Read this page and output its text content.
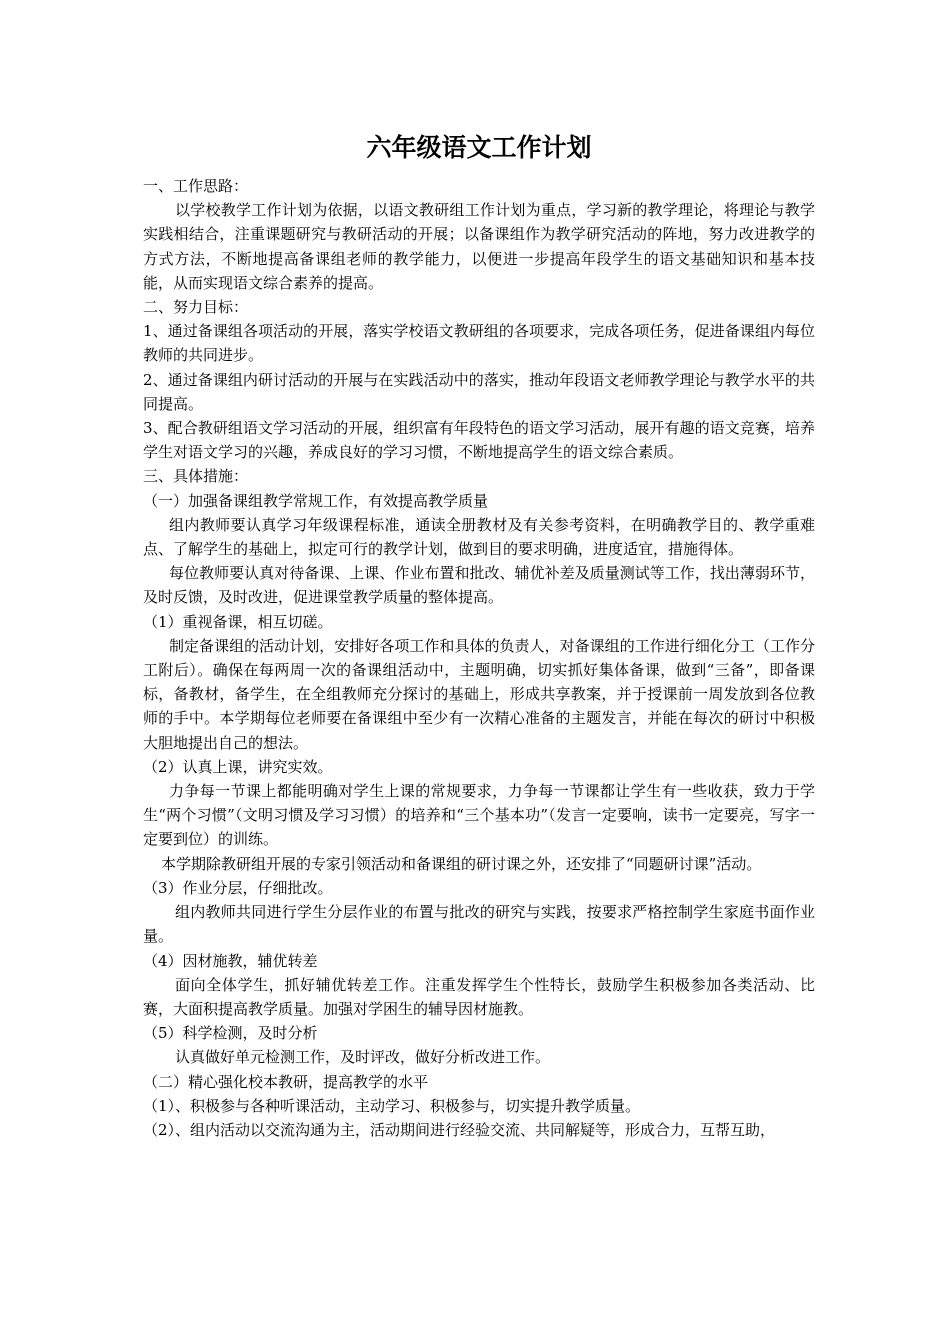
六年级语文工作计划

一、工作思路：

以学校教学工作计划为依据，以语文教研组工作计划为重点，学习新的教学理论，将理论与教学实践相结合，注重课题研究与教研活动的开展；以备课组作为教学研究活动的阵地，努力改进教学的方式方法，不断地提高备课组老师的教学能力，以便进一步提高年段学生的语文基础知识和基本技能，从而实现语文综合素养的提高。

二、努力目标：

1、通过备课组各项活动的开展，落实学校语文教研组的各项要求，完成各项任务，促进备课组内每位教师的共同进步。

2、通过备课组内研讨活动的开展与在实践活动中的落实，推动年段语文老师教学理论与教学水平的共同提高。

3、配合教研组语文学习活动的开展，组织富有年段特色的语文学习活动，展开有趣的语文竞赛，培养学生对语文学习的兴趣，养成良好的学习习惯，不断地提高学生的语文综合素质。

三、具体措施：

（一）加强备课组教学常规工作，有效提高教学质量

组内教师要认真学习年级课程标准，通读全册教材及有关参考资料，在明确教学目的、教学重难点、了解学生的基础上，拟定可行的教学计划，做到目的要求明确，进度适宜，措施得体。

每位教师要认真对待备课、上课、作业布置和批改、辅优补差及质量测试等工作，找出薄弱环节，及时反馈，及时改进，促进课堂教学质量的整体提高。

（1）重视备课，相互切磋。

制定备课组的活动计划，安排好各项工作和具体的负责人，对备课组的工作进行细化分工（工作分工附后）。确保在每两周一次的备课组活动中，主题明确，切实抓好集体备课，做到“三备”，即备课标，备教材，备学生，在全组教师充分探讨的基础上，形成共享教案，并于授课前一周发放到各位教师的手中。本学期每位老师要在备课组中至少有一次精心准备的主题发言，并能在每次的研讨中积极大胆地提出自己的想法。

（2）认真上课，讲究实效。

力争每一节课上都能明确对学生上课的常规要求，力争每一节课都让学生有一些收获，致力于学生“两个习惯”（文明习惯及学习习惯）的培养和“三个基本功”（发言一定要响，读书一定要亮，写字一定要到位）的训练。

本学期除教研组开展的专家引领活动和备课组的研讨课之外，还安排了“同题研讨课”活动。

（3）作业分层，仔细批改。

组内教师共同进行学生分层作业的布置与批改的研究与实践，按要求严格控制学生家庭书面作业量。

（4）因材施教，辅优转差

面向全体学生，抓好辅优转差工作。注重发挥学生个性特长，鼓励学生积极参加各类活动、比赛，大面积提高教学质量。加强对学困生的辅导因材施教。

（5）科学检测，及时分析

认真做好单元检测工作，及时评改，做好分析改进工作。

（二）精心强化校本教研，提高教学的水平

（1）、积极参与各种听课活动，主动学习、积极参与，切实提升教学质量。

（2）、组内活动以交流沟通为主，活动期间进行经验交流、共同解疑等，形成合力，互帮互助，
